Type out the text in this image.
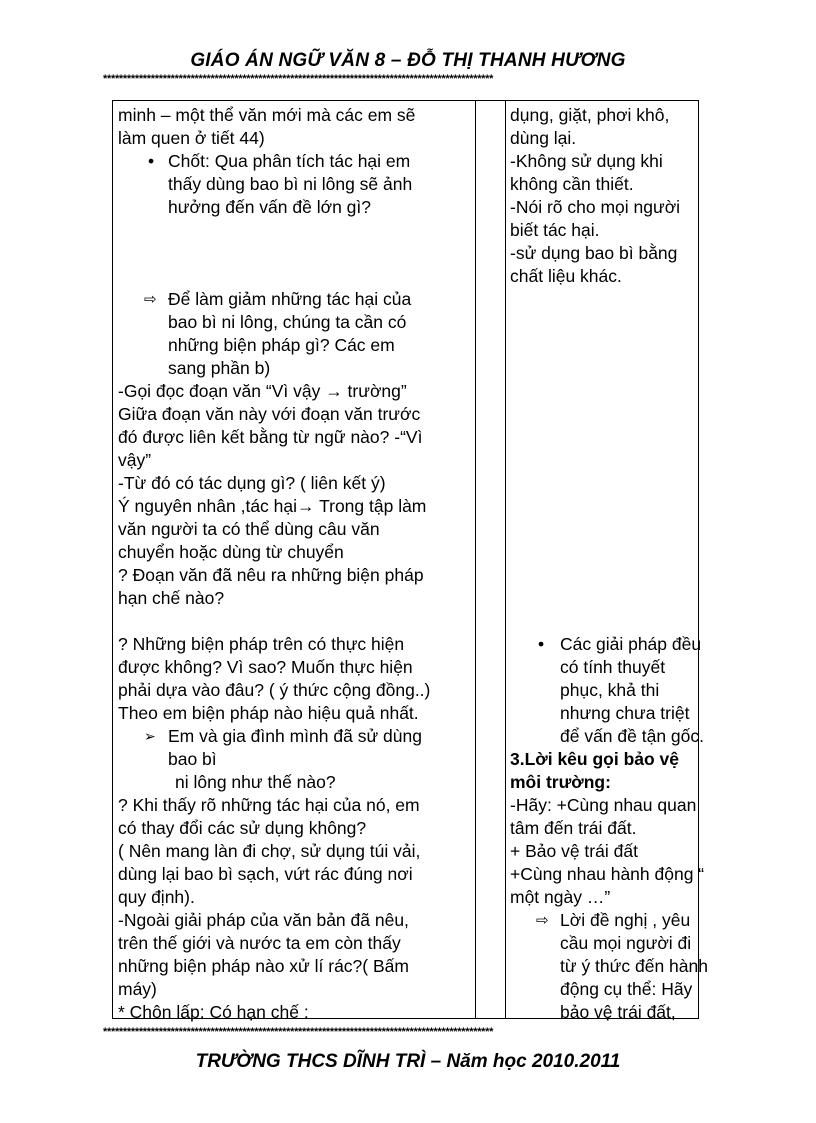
GIÁO ÁN NGỮ VĂN 8 – ĐỖ THỊ THANH HƯƠNG
**************************************************************************************************
minh – một thể văn mới mà các em sẽ
làm quen ở tiết 44)
• Chốt: Qua phân tích tác hại em
thấy dùng bao bì ni lông sẽ ảnh
hưởng đến vấn đề lớn gì?
⇨ Để làm giảm những tác hại của
bao bì ni lông, chúng ta cần có
những biện pháp gì? Các em
sang phần b)
-Gọi đọc đoạn văn “Vì vậy → trường”
Giữa đoạn văn này với đoạn văn trước
đó được liên kết bằng từ ngữ nào? -“Vì
vậy”
-Từ đó có tác dụng gì? ( liên kết ý)
Ý nguyên nhân ,tác hại→ Trong tập làm
văn người ta có thể dùng câu văn
chuyển hoặc dùng từ chuyển
? Đoạn văn đã nêu ra những biện pháp
hạn chế nào?
? Những biện pháp trên có thực hiện
được không? Vì sao? Muốn thực hiện
phải dựa vào đâu? ( ý thức cộng đồng..)
Theo em biện pháp nào hiệu quả nhất.
➢ Em và gia đình mình đã sử dùng
bao bì
ni lông như thế nào?
? Khi thấy rõ những tác hại của nó, em
có thay đổi các sử dụng không?
( Nên mang làn đi chợ, sử dụng túi vải,
dùng lại bao bì sạch, vứt rác đúng nơi
quy định).
-Ngoài giải pháp của văn bản đã nêu,
trên thế giới và nước ta em còn thấy
những biện pháp nào xử lí rác?( Bấm
máy)
* Chôn lấp: Có hạn chế :
dụng, giặt, phơi khô,
dùng lại.
-Không sử dụng khi
không cần thiết.
-Nói rõ cho mọi người
biết tác hại.
-sử dụng bao bì bằng
chất liệu khác.
• Các giải pháp đều
có tính thuyết
phục, khả thi
nhưng chưa triệt
để vấn đề tận gốc.
3.Lời kêu gọi bảo vệ
môi trường:
-Hãy: +Cùng nhau quan
tâm đến trái đất.
+ Bảo vệ trái đất
+Cùng nhau hành động “
một ngày …”
⇨ Lời đề nghị , yêu
cầu mọi người đi
từ ý thức đến hành
động cụ thể: Hãy
bảo vệ trái đất,
**************************************************************************************************
TRƯỜNG THCS DĨNH TRÌ – Năm học 2010.2011
